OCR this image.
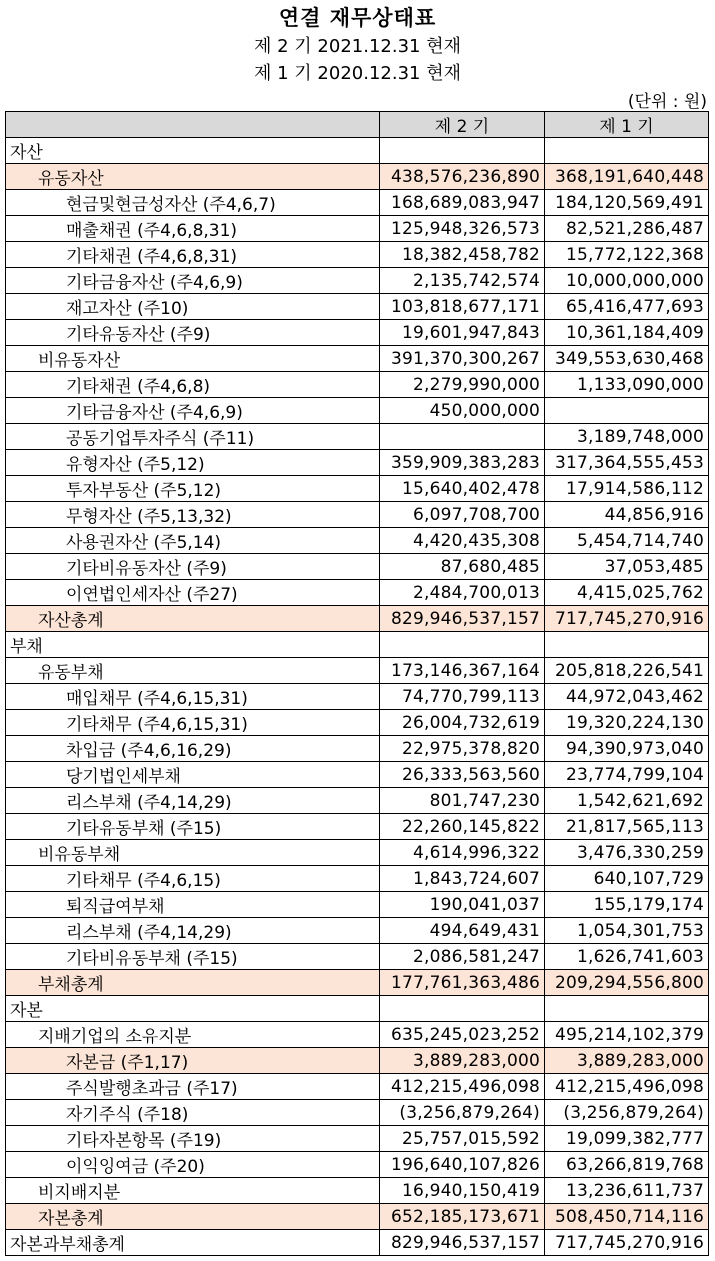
연결 재무상태표
제 2 기 2021.12.31 현재
제 1 기 2020.12.31 현재
(단위 : 원)
	제 2 기	제 1 기
자산		
유동자산	438,576,236,890	368,191,640,448
현금및현금성자산 (주4,6,7)	168,689,083,947	184,120,569,491
매출채권 (주4,6,8,31)	125,948,326,573	82,521,286,487
기타채권 (주4,6,8,31)	18,382,458,782	15,772,122,368
기타금융자산 (주4,6,9)	2,135,742,574	10,000,000,000
재고자산 (주10)	103,818,677,171	65,416,477,693
기타유동자산 (주9)	19,601,947,843	10,361,184,409
비유동자산	391,370,300,267	349,553,630,468
기타채권 (주4,6,8)	2,279,990,000	1,133,090,000
기타금융자산 (주4,6,9)	450,000,000	
공동기업투자주식 (주11)		3,189,748,000
유형자산 (주5,12)	359,909,383,283	317,364,555,453
투자부동산 (주5,12)	15,640,402,478	17,914,586,112
무형자산 (주5,13,32)	6,097,708,700	44,856,916
사용권자산 (주5,14)	4,420,435,308	5,454,714,740
기타비유동자산 (주9)	87,680,485	37,053,485
이연법인세자산 (주27)	2,484,700,013	4,415,025,762
자산총계	829,946,537,157	717,745,270,916
부채		
유동부채	173,146,367,164	205,818,226,541
매입채무 (주4,6,15,31)	74,770,799,113	44,972,043,462
기타채무 (주4,6,15,31)	26,004,732,619	19,320,224,130
차입금 (주4,6,16,29)	22,975,378,820	94,390,973,040
당기법인세부채	26,333,563,560	23,774,799,104
리스부채 (주4,14,29)	801,747,230	1,542,621,692
기타유동부채 (주15)	22,260,145,822	21,817,565,113
비유동부채	4,614,996,322	3,476,330,259
기타채무 (주4,6,15)	1,843,724,607	640,107,729
퇴직급여부채	190,041,037	155,179,174
리스부채 (주4,14,29)	494,649,431	1,054,301,753
기타비유동부채 (주15)	2,086,581,247	1,626,741,603
부채총계	177,761,363,486	209,294,556,800
자본		
지배기업의 소유지분	635,245,023,252	495,214,102,379
자본금 (주1,17)	3,889,283,000	3,889,283,000
주식발행초과금 (주17)	412,215,496,098	412,215,496,098
자기주식 (주18)	(3,256,879,264)	(3,256,879,264)
기타자본항목 (주19)	25,757,015,592	19,099,382,777
이익잉여금 (주20)	196,640,107,826	63,266,819,768
비지배지분	16,940,150,419	13,236,611,737
자본총계	652,185,173,671	508,450,714,116
자본과부채총계	829,946,537,157	717,745,270,916
